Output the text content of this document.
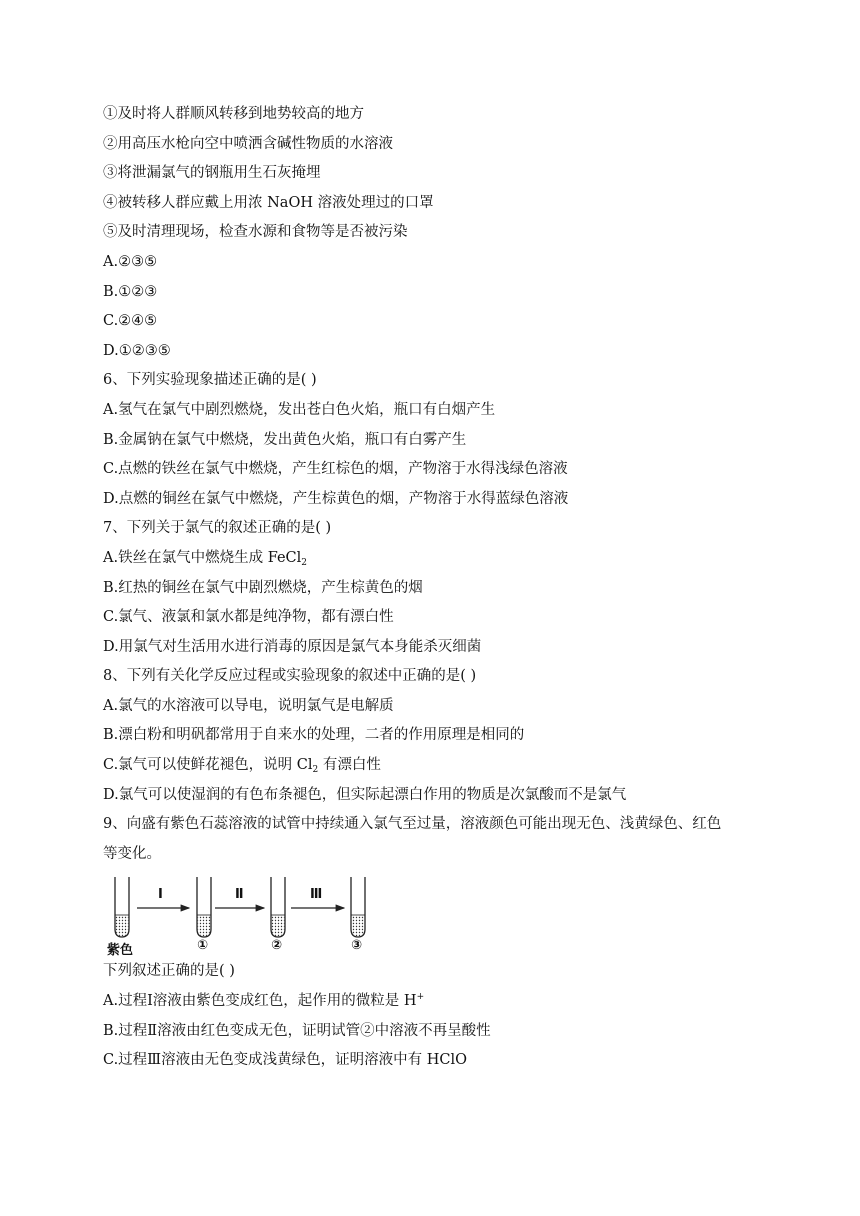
①及时将人群顺风转移到地势较高的地方
②用高压水枪向空中喷洒含碱性物质的水溶液
③将泄漏氯气的钢瓶用生石灰掩埋
④被转移人群应戴上用浓 NaOH 溶液处理过的口罩
⑤及时清理现场，检查水源和食物等是否被污染
A.②③⑤
B.①②③
C.②④⑤
D.①②③⑤
6、下列实验现象描述正确的是( )
A.氢气在氯气中剧烈燃烧，发出苍白色火焰，瓶口有白烟产生
B.金属钠在氯气中燃烧，发出黄色火焰，瓶口有白雾产生
C.点燃的铁丝在氯气中燃烧，产生红棕色的烟，产物溶于水得浅绿色溶液
D.点燃的铜丝在氯气中燃烧，产生棕黄色的烟，产物溶于水得蓝绿色溶液
7、下列关于氯气的叙述正确的是( )
A.铁丝在氯气中燃烧生成 FeCl$_2$
B.红热的铜丝在氯气中剧烈燃烧，产生棕黄色的烟
C.氯气、液氯和氯水都是纯净物，都有漂白性
D.用氯气对生活用水进行消毒的原因是氯气本身能杀灭细菌
8、下列有关化学反应过程或实验现象的叙述中正确的是( )
A.氯气的水溶液可以导电，说明氯气是电解质
B.漂白粉和明矾都常用于自来水的处理，二者的作用原理是相同的
C.氯气可以使鲜花褪色，说明 $Cl_2$ 有漂白性
D.氯气可以使湿润的有色布条褪色，但实际起漂白作用的物质是次氯酸而不是氯气
9、向盛有紫色石蕊溶液的试管中持续通入氯气至过量，溶液颜色可能出现无色、浅黄绿色、红色
等变化。
Ⅰ	Ⅱ	Ⅲ
紫色	①	②	③
下列叙述正确的是( )
A.过程Ⅰ溶液由紫色变成红色，起作用的微粒是 H+
B.过程Ⅱ溶液由红色变成无色，证明试管②中溶液不再呈酸性
C.过程Ⅲ溶液由无色变成浅黄绿色，证明溶液中有 HClO
